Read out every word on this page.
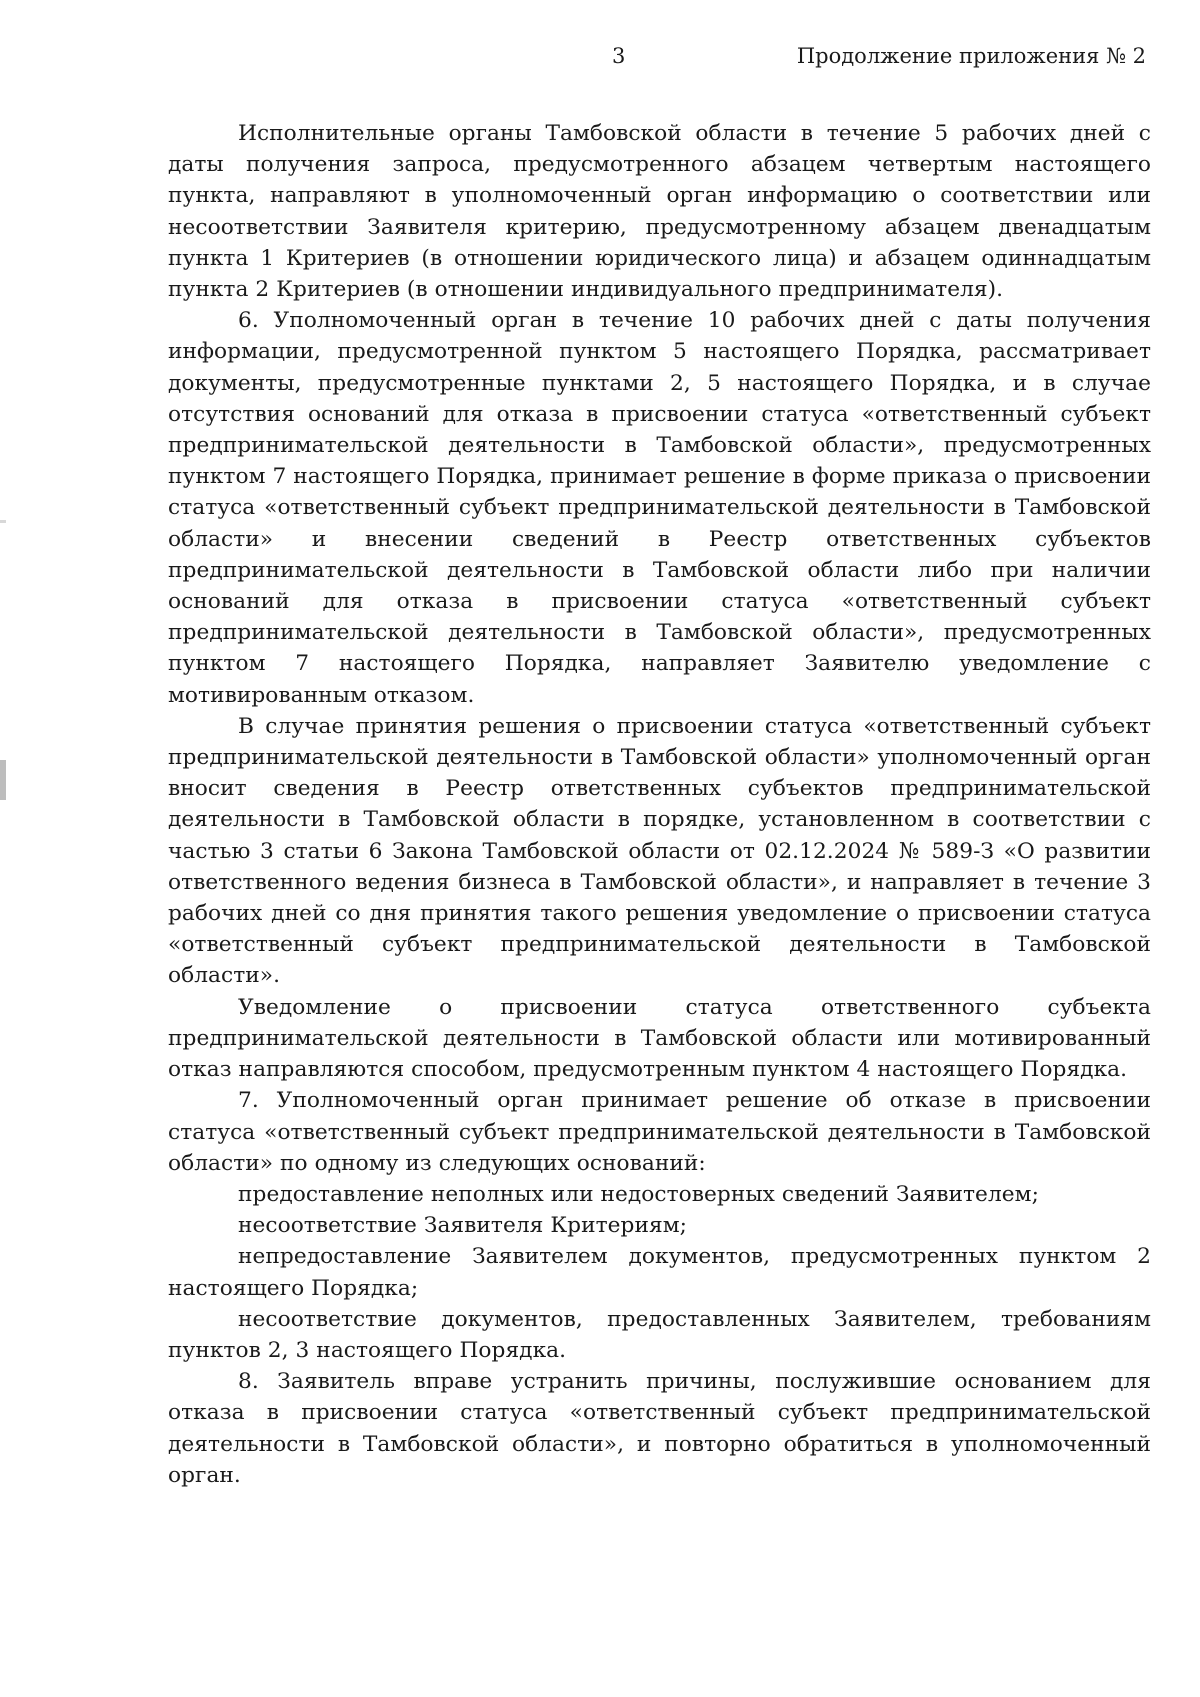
3	Продолжение приложения № 2

Исполнительные органы Тамбовской области в течение 5 рабочих дней с даты получения запроса, предусмотренного абзацем четвертым настоящего пункта, направляют в уполномоченный орган информацию о соответствии или несоответствии Заявителя критерию, предусмотренному абзацем двенадцатым пункта 1 Критериев (в отношении юридического лица) и абзацем одиннадцатым пункта 2 Критериев (в отношении индивидуального предпринимателя).

6. Уполномоченный орган в течение 10 рабочих дней с даты получения информации, предусмотренной пунктом 5 настоящего Порядка, рассматривает документы, предусмотренные пунктами 2, 5 настоящего Порядка, и в случае отсутствия оснований для отказа в присвоении статуса «ответственный субъект предпринимательской деятельности в Тамбовской области», предусмотренных пунктом 7 настоящего Порядка, принимает решение в форме приказа о присвоении статуса «ответственный субъект предпринимательской деятельности в Тамбовской области» и внесении сведений в Реестр ответственных субъектов предпринимательской деятельности в Тамбовской области либо при наличии оснований для отказа в присвоении статуса «ответственный субъект предпринимательской деятельности в Тамбовской области», предусмотренных пунктом 7 настоящего Порядка, направляет Заявителю уведомление с мотивированным отказом.

В случае принятия решения о присвоении статуса «ответственный субъект предпринимательской деятельности в Тамбовской области» уполномоченный орган вносит сведения в Реестр ответственных субъектов предпринимательской деятельности в Тамбовской области в порядке, установленном в соответствии с частью 3 статьи 6 Закона Тамбовской области от 02.12.2024 № 589-З «О развитии ответственного ведения бизнеса в Тамбовской области», и направляет в течение 3 рабочих дней со дня принятия такого решения уведомление о присвоении статуса «ответственный субъект предпринимательской деятельности в Тамбовской области».

Уведомление о присвоении статуса ответственного субъекта предпринимательской деятельности в Тамбовской области или мотивированный отказ направляются способом, предусмотренным пунктом 4 настоящего Порядка.

7. Уполномоченный орган принимает решение об отказе в присвоении статуса «ответственный субъект предпринимательской деятельности в Тамбовской области» по одному из следующих оснований:

предоставление неполных или недостоверных сведений Заявителем;

несоответствие Заявителя Критериям;

непредоставление Заявителем документов, предусмотренных пунктом 2 настоящего Порядка;

несоответствие документов, предоставленных Заявителем, требованиям пунктов 2, 3 настоящего Порядка.

8. Заявитель вправе устранить причины, послужившие основанием для отказа в присвоении статуса «ответственный субъект предпринимательской деятельности в Тамбовской области», и повторно обратиться в уполномоченный орган.
